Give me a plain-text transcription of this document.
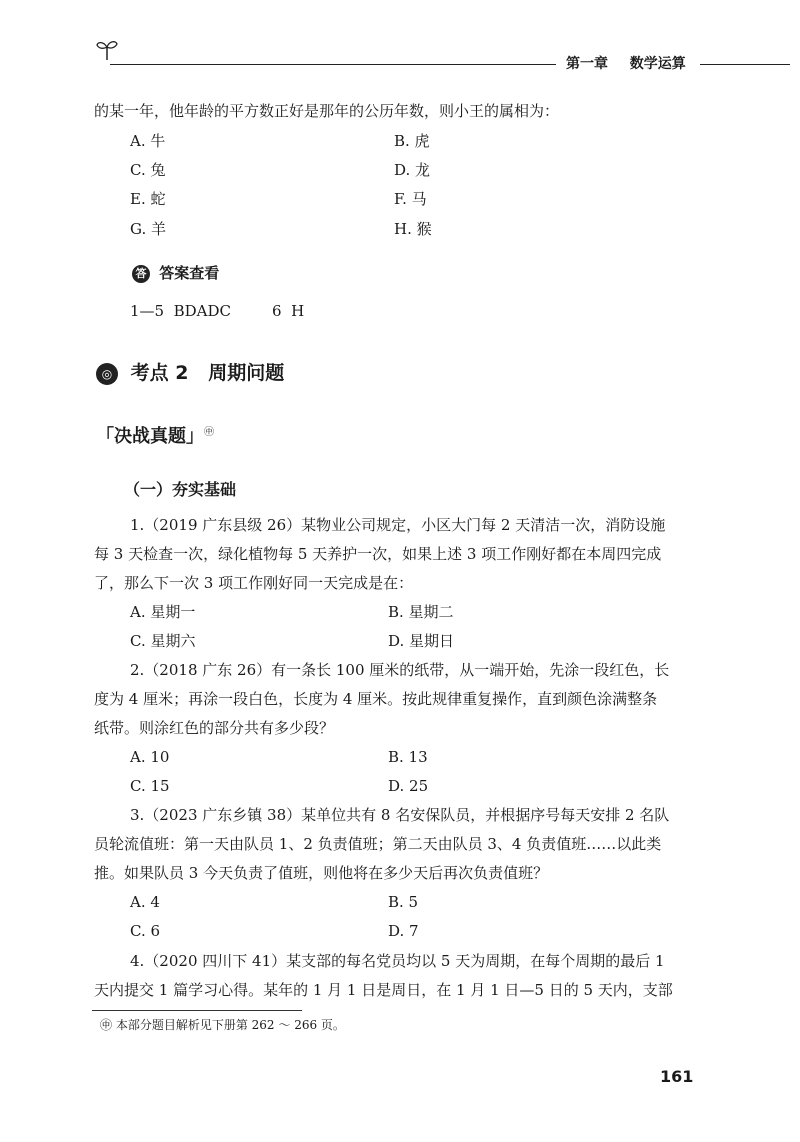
第一章 数学运算
的某一年，他年龄的平方数正好是那年的公历年数，则小王的属相为：
A. 牛	B. 虎
C. 兔	D. 龙
E. 蛇	F. 马
G. 羊	H. 猴
答 答案查看
1—5  BDADC	6  H
◎ 考点 2   周期问题
「决战真题」㊥
（一）夯实基础
1.（2019 广东县级 26）某物业公司规定，小区大门每 2 天清洁一次，消防设施
每 3 天检查一次，绿化植物每 5 天养护一次，如果上述 3 项工作刚好都在本周四完成
了，那么下一次 3 项工作刚好同一天完成是在：
A. 星期一	B. 星期二
C. 星期六	D. 星期日
2.（2018 广东 26）有一条长 100 厘米的纸带，从一端开始，先涂一段红色，长
度为 4 厘米；再涂一段白色，长度为 4 厘米。按此规律重复操作，直到颜色涂满整条
纸带。则涂红色的部分共有多少段？
A. 10	B. 13
C. 15	D. 25
3.（2023 广东乡镇 38）某单位共有 8 名安保队员，并根据序号每天安排 2 名队
员轮流值班：第一天由队员 1、2 负责值班；第二天由队员 3、4 负责值班……以此类
推。如果队员 3 今天负责了值班，则他将在多少天后再次负责值班？
A. 4	B. 5
C. 6	D. 7
4.（2020 四川下 41）某支部的每名党员均以 5 天为周期，在每个周期的最后 1
天内提交 1 篇学习心得。某年的 1 月 1 日是周日，在 1 月 1 日—5 日的 5 天内，支部
㊥ 本部分题目解析见下册第 262 ～ 266 页。
161
